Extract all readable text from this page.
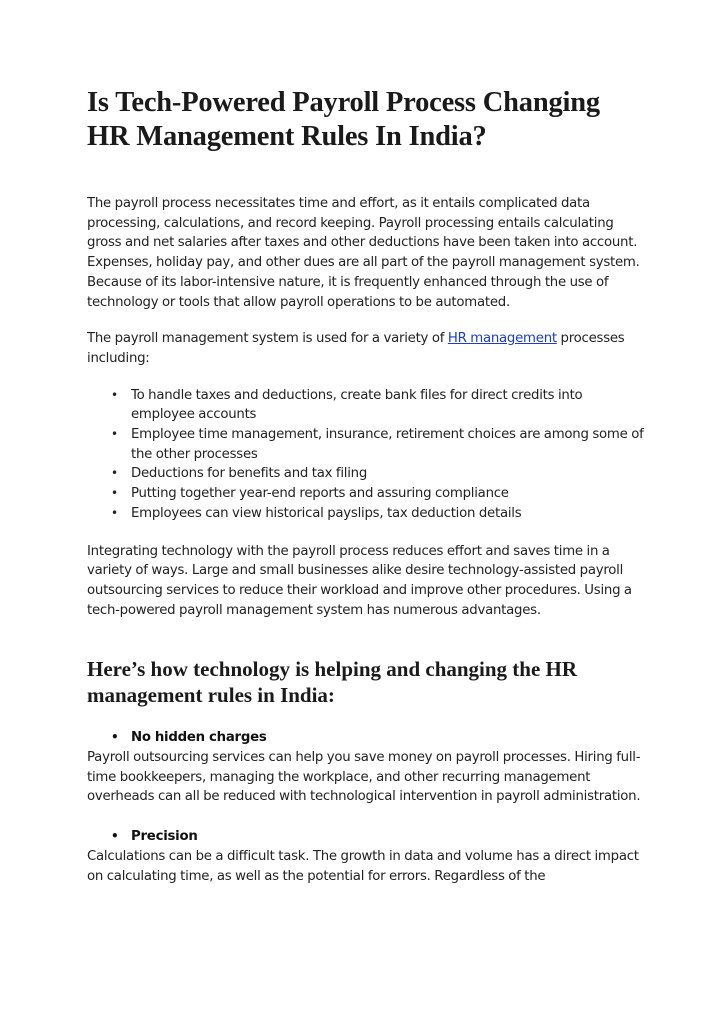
Is Tech-Powered Payroll Process Changing HR Management Rules In India?

The payroll process necessitates time and effort, as it entails complicated data processing, calculations, and record keeping. Payroll processing entails calculating gross and net salaries after taxes and other deductions have been taken into account. Expenses, holiday pay, and other dues are all part of the payroll management system. Because of its labor-intensive nature, it is frequently enhanced through the use of technology or tools that allow payroll operations to be automated.

The payroll management system is used for a variety of HR management processes including:

• To handle taxes and deductions, create bank files for direct credits into employee accounts
• Employee time management, insurance, retirement choices are among some of the other processes
• Deductions for benefits and tax filing
• Putting together year-end reports and assuring compliance
• Employees can view historical payslips, tax deduction details

Integrating technology with the payroll process reduces effort and saves time in a variety of ways. Large and small businesses alike desire technology-assisted payroll outsourcing services to reduce their workload and improve other procedures. Using a tech-powered payroll management system has numerous advantages.

Here’s how technology is helping and changing the HR management rules in India:
• No hidden charges

Payroll outsourcing services can help you save money on payroll processes. Hiring full-time bookkeepers, managing the workplace, and other recurring management overheads can all be reduced with technological intervention in payroll administration.

• Precision

Calculations can be a difficult task. The growth in data and volume has a direct impact on calculating time, as well as the potential for errors. Regardless of the
